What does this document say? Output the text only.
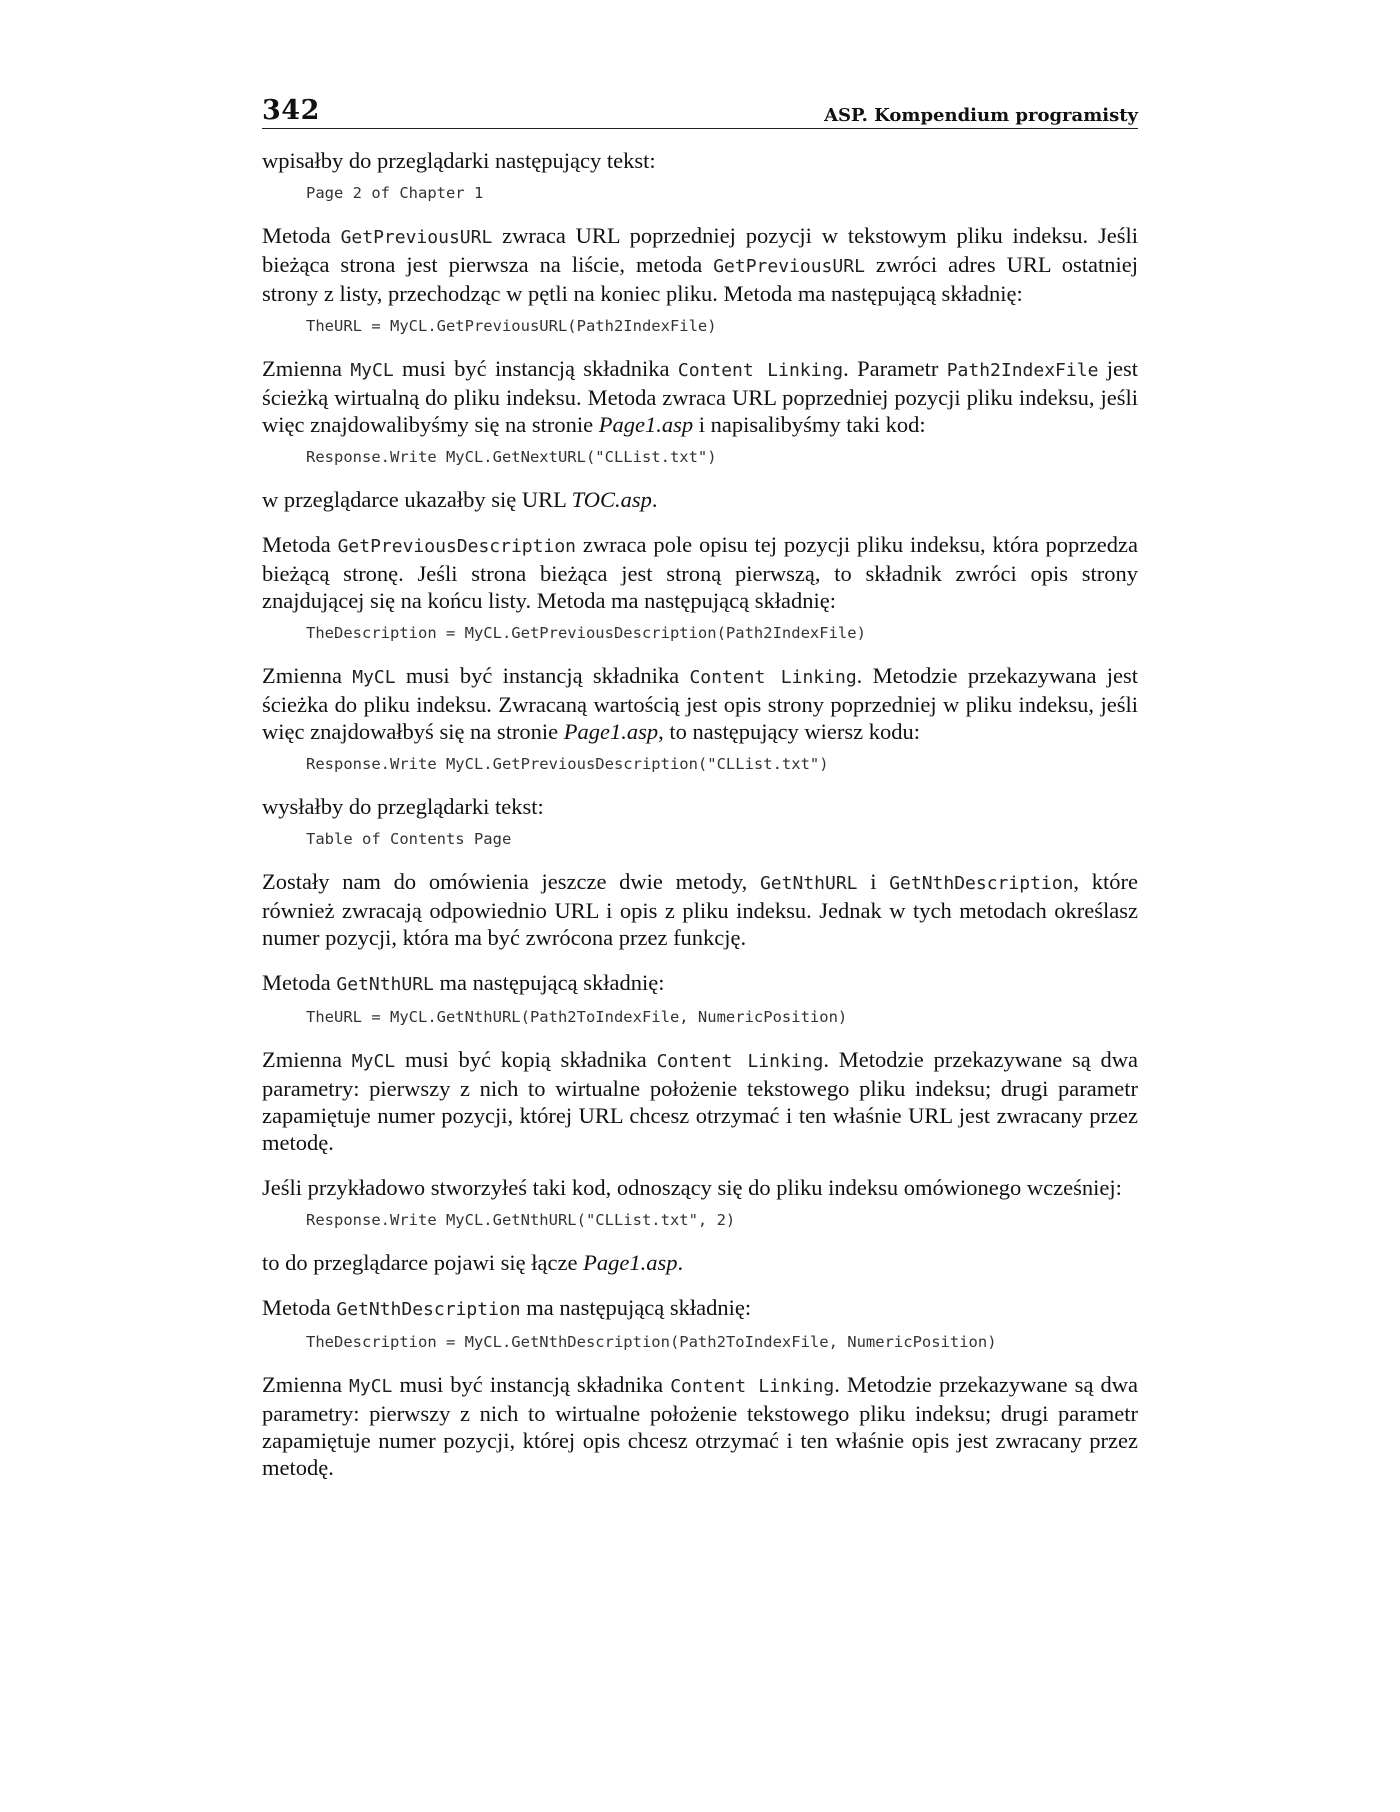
342	ASP. Kompendium programisty

wpisałby do przeglądarki następujący tekst:

Page 2 of Chapter 1

Metoda GetPreviousURL zwraca URL poprzedniej pozycji w tekstowym pliku indeksu. Jeśli bieżąca strona jest pierwsza na liście, metoda GetPreviousURL zwróci adres URL ostatniej strony z listy, przechodząc w pętli na koniec pliku. Metoda ma następującą składnię:

TheURL = MyCL.GetPreviousURL(Path2IndexFile)

Zmienna MyCL musi być instancją składnika Content Linking. Parametr Path2IndexFile jest ścieżką wirtualną do pliku indeksu. Metoda zwraca URL poprzedniej pozycji pliku indeksu, jeśli więc znajdowalibyśmy się na stronie Page1.asp i napisalibyśmy taki kod:

Response.Write MyCL.GetNextURL("CLList.txt")

w przeglądarce ukazałby się URL TOC.asp.

Metoda GetPreviousDescription zwraca pole opisu tej pozycji pliku indeksu, która poprzedza bieżącą stronę. Jeśli strona bieżąca jest stroną pierwszą, to składnik zwróci opis strony znajdującej się na końcu listy. Metoda ma następującą składnię:

TheDescription = MyCL.GetPreviousDescription(Path2IndexFile)

Zmienna MyCL musi być instancją składnika Content Linking. Metodzie przekazywana jest ścieżka do pliku indeksu. Zwracaną wartością jest opis strony poprzedniej w pliku indeksu, jeśli więc znajdowałbyś się na stronie Page1.asp, to następujący wiersz kodu:

Response.Write MyCL.GetPreviousDescription("CLList.txt")

wysłałby do przeglądarki tekst:

Table of Contents Page

Zostały nam do omówienia jeszcze dwie metody, GetNthURL i GetNthDescription, które również zwracają odpowiednio URL i opis z pliku indeksu. Jednak w tych metodach określasz numer pozycji, która ma być zwrócona przez funkcję.

Metoda GetNthURL ma następującą składnię:

TheURL = MyCL.GetNthURL(Path2ToIndexFile, NumericPosition)

Zmienna MyCL musi być kopią składnika Content Linking. Metodzie przekazywane są dwa parametry: pierwszy z nich to wirtualne położenie tekstowego pliku indeksu; drugi parametr zapamiętuje numer pozycji, której URL chcesz otrzymać i ten właśnie URL jest zwracany przez metodę.

Jeśli przykładowo stworzyłeś taki kod, odnoszący się do pliku indeksu omówionego wcześniej:

Response.Write MyCL.GetNthURL("CLList.txt", 2)

to do przeglądarce pojawi się łącze Page1.asp.

Metoda GetNthDescription ma następującą składnię:

TheDescription = MyCL.GetNthDescription(Path2ToIndexFile, NumericPosition)

Zmienna MyCL musi być instancją składnika Content Linking. Metodzie przekazywane są dwa parametry: pierwszy z nich to wirtualne położenie tekstowego pliku indeksu; drugi parametr zapamiętuje numer pozycji, której opis chcesz otrzymać i ten właśnie opis jest zwracany przez metodę.
